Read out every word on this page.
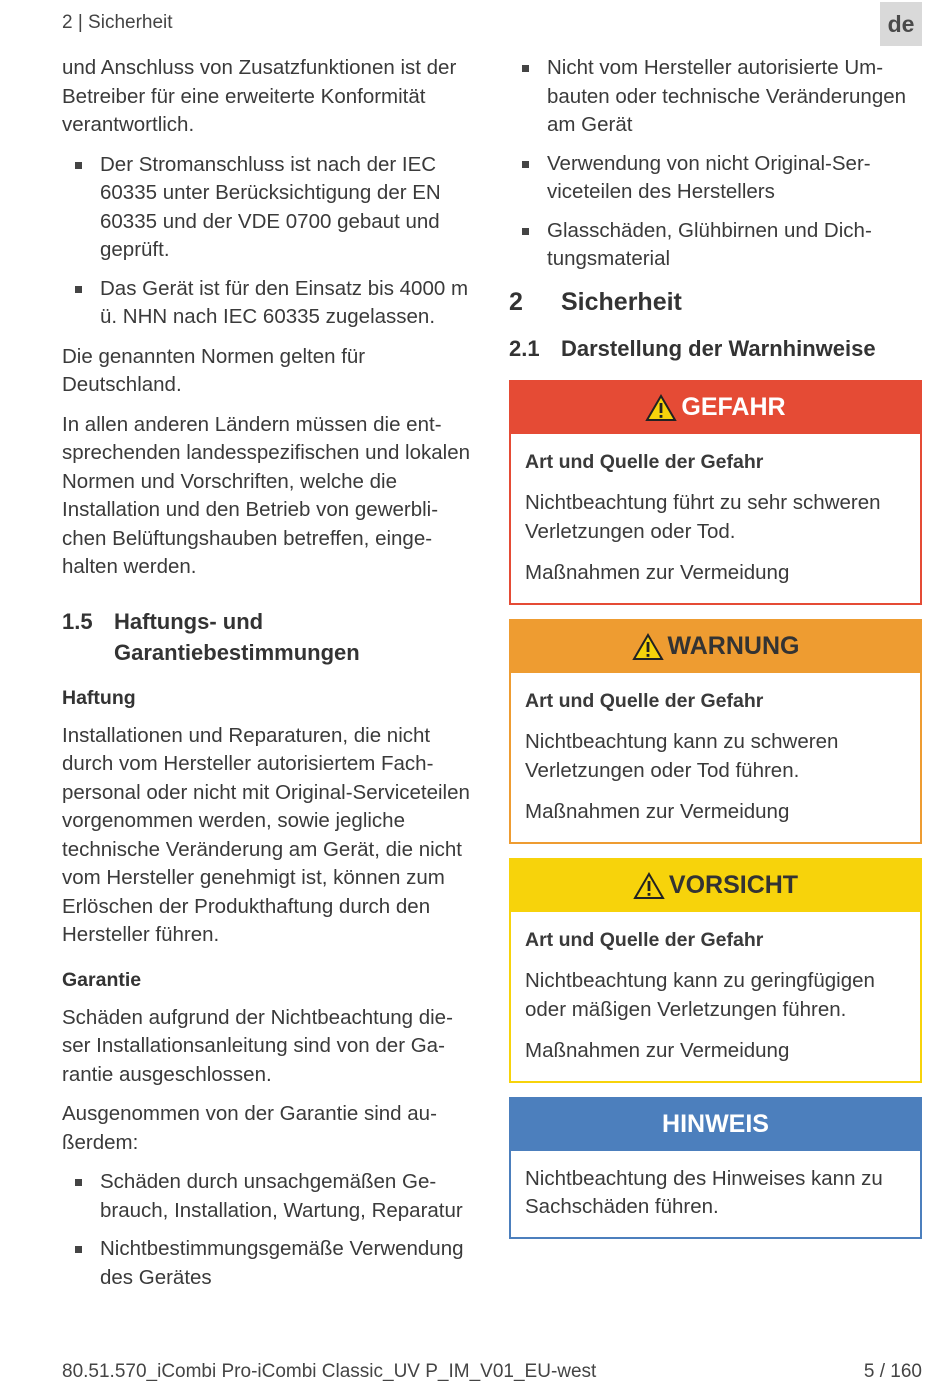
2 | Sicherheit	de

und Anschluss von Zusatzfunktionen ist der Betreiber für eine erweiterte Konformität verantwortlich.

Der Stromanschluss ist nach der IEC 60335 unter Berücksichtigung der EN 60335 und der VDE 0700 gebaut und geprüft.
Das Gerät ist für den Einsatz bis 4000 m ü. NHN nach IEC 60335 zugelassen.

Die genannten Normen gelten für Deutschland.

In allen anderen Ländern müssen die entsprechenden landesspezifischen und lokalen Normen und Vorschriften, welche die Installation und den Betrieb von gewerblichen Belüftungshauben betreffen, eingehalten werden.

1.5 Haftungs- und Garantiebestimmungen
Haftung

Installationen und Reparaturen, die nicht durch vom Hersteller autorisiertem Fachpersonal oder nicht mit Original-Serviceteilen vorgenommen werden, sowie jegliche technische Veränderung am Gerät, die nicht vom Hersteller genehmigt ist, können zum Erlöschen der Produkthaftung durch den Hersteller führen.

Garantie

Schäden aufgrund der Nichtbeachtung dieser Installationsanleitung sind von der Garantie ausgeschlossen.

Ausgenommen von der Garantie sind außerdem:

Schäden durch unsachgemäßen Gebrauch, Installation, Wartung, Reparatur
Nichtbestimmungsgemäße Verwendung des Gerätes
Nicht vom Hersteller autorisierte Umbauten oder technische Veränderungen am Gerät
Verwendung von nicht Original-Serviceteilen des Herstellers
Glasschäden, Glühbirnen und Dichtungsmaterial
2	Sicherheit
2.1 Darstellung der Warnhinweise
GEFAHR

Art und Quelle der Gefahr

Nichtbeachtung führt zu sehr schweren Verletzungen oder Tod.

Maßnahmen zur Vermeidung

WARNUNG

Art und Quelle der Gefahr

Nichtbeachtung kann zu schweren Verletzungen oder Tod führen.

Maßnahmen zur Vermeidung

VORSICHT

Art und Quelle der Gefahr

Nichtbeachtung kann zu geringfügigen oder mäßigen Verletzungen führen.

Maßnahmen zur Vermeidung

HINWEIS

Nichtbeachtung des Hinweises kann zu Sachschäden führen.

80.51.570_iCombi Pro-iCombi Classic_UV P_IM_V01_EU-west	5 / 160
